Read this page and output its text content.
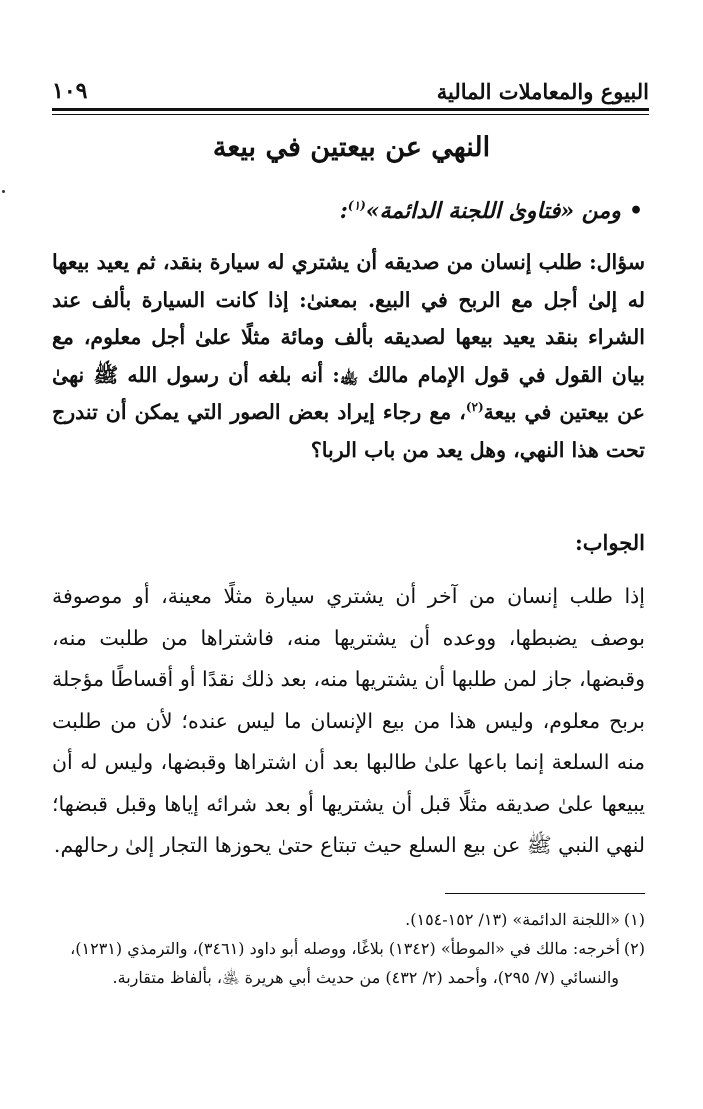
البيوع والمعاملات المالية
١٠٩
النهي عن بيعتين في بيعة
•ومن «فتاوىٰ اللجنة الدائمة»$^{(١)}$:
سؤال: طلب إنسان من صديقه أن يشتري له سيارة بنقد، ثم يعيد بيعها له إلىٰ أجل مع الربح في البيع. بمعنىٰ: إذا كانت السيارة بألف عند الشراء بنقد يعيد بيعها لصديقه بألف ومائة مثلًا علىٰ أجل معلوم، مع بيان القول في قول الإمام مالك ﵀: أنه بلغه أن رسول الله ﷺ نهىٰ عن بيعتين في بيعة$^{(٢)}$، مع رجاء إيراد بعض الصور التي يمكن أن تندرج تحت هذا النهي، وهل يعد من باب الربا؟
الجواب:
إذا طلب إنسان من آخر أن يشتري سيارة مثلًا معينة، أو موصوفة بوصف يضبطها، ووعده أن يشتريها منه، فاشتراها من طلبت منه، وقبضها، جاز لمن طلبها أن يشتريها منه، بعد ذلك نقدًا أو أقساطًا مؤجلة بربح معلوم، وليس هذا من بيع الإنسان ما ليس عنده؛ لأن من طلبت منه السلعة إنما باعها علىٰ طالبها بعد أن اشتراها وقبضها، وليس له أن يبيعها علىٰ صديقه مثلًا قبل أن يشتريها أو بعد شرائه إياها وقبل قبضها؛ لنهي النبي ﷺ عن بيع السلع حيث تبتاع حتىٰ يحوزها التجار إلىٰ رحالهم.

(١)«اللجنة الدائمة» (١٣/ ١٥٢-١٥٤).

(٢)أخرجه: مالك في «الموطأ» (١٣٤٢) بلاغًا، ووصله أبو داود (٣٤٦١)، والترمذي (١٢٣١)، والنسائي (٧/ ٢٩٥)، وأحمد (٢/ ٤٣٢) من حديث أبي هريرة ﵁، بألفاظ متقاربة.
